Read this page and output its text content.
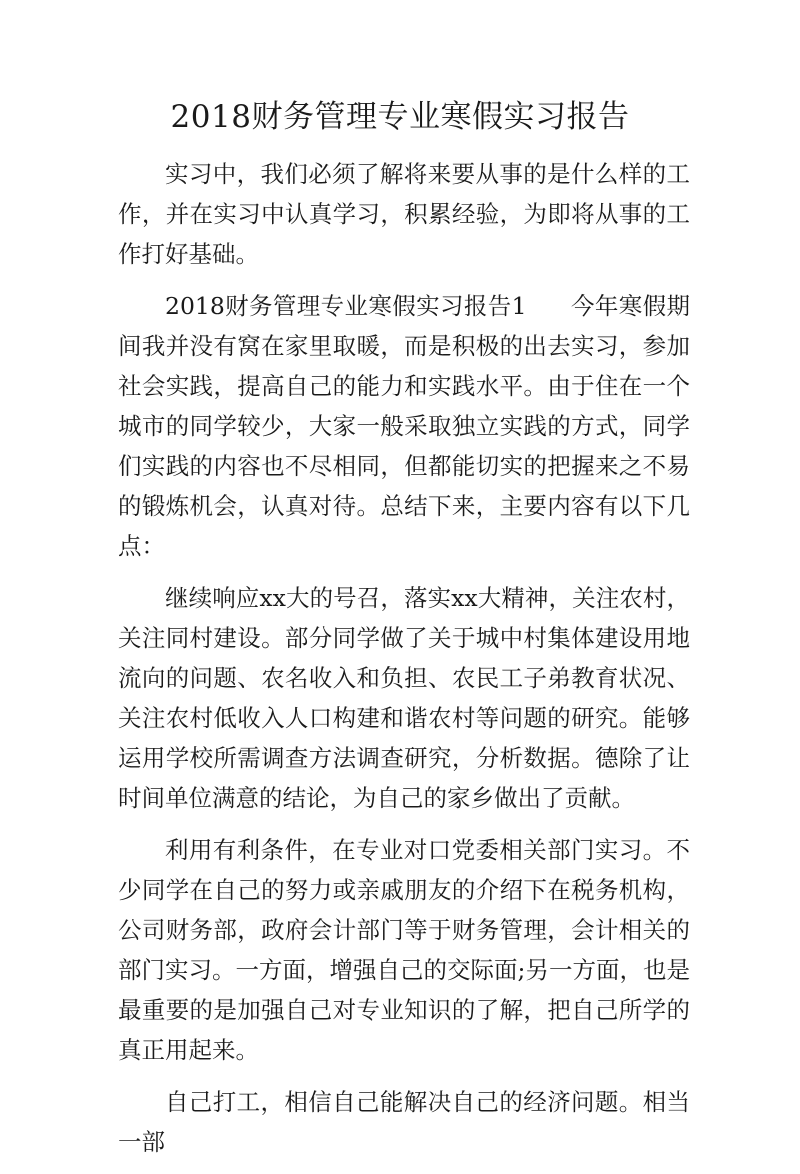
2018财务管理专业寒假实习报告

实习中，我们必须了解将来要从事的是什么样的工作，并在实习中认真学习，积累经验，为即将从事的工作打好基础。

2018财务管理专业寒假实习报告1 今年寒假期间我并没有窝在家里取暖，而是积极的出去实习，参加社会实践，提高自己的能力和实践水平。由于住在一个城市的同学较少，大家一般采取独立实践的方式，同学们实践的内容也不尽相同，但都能切实的把握来之不易的锻炼机会，认真对待。总结下来，主要内容有以下几点：

继续响应xx大的号召，落实xx大精神，关注农村，关注同村建设。部分同学做了关于城中村集体建设用地流向的问题、农名收入和负担、农民工子弟教育状况、关注农村低收入人口构建和谐农村等问题的研究。能够运用学校所需调查方法调查研究，分析数据。德除了让时间单位满意的结论，为自己的家乡做出了贡献。

利用有利条件，在专业对口党委相关部门实习。不少同学在自己的努力或亲戚朋友的介绍下在税务机构，公司财务部，政府会计部门等于财务管理，会计相关的部门实习。一方面，增强自己的交际面;另一方面，也是最重要的是加强自己对专业知识的了解，把自己所学的真正用起来。

自己打工，相信自己能解决自己的经济问题。相当一部
